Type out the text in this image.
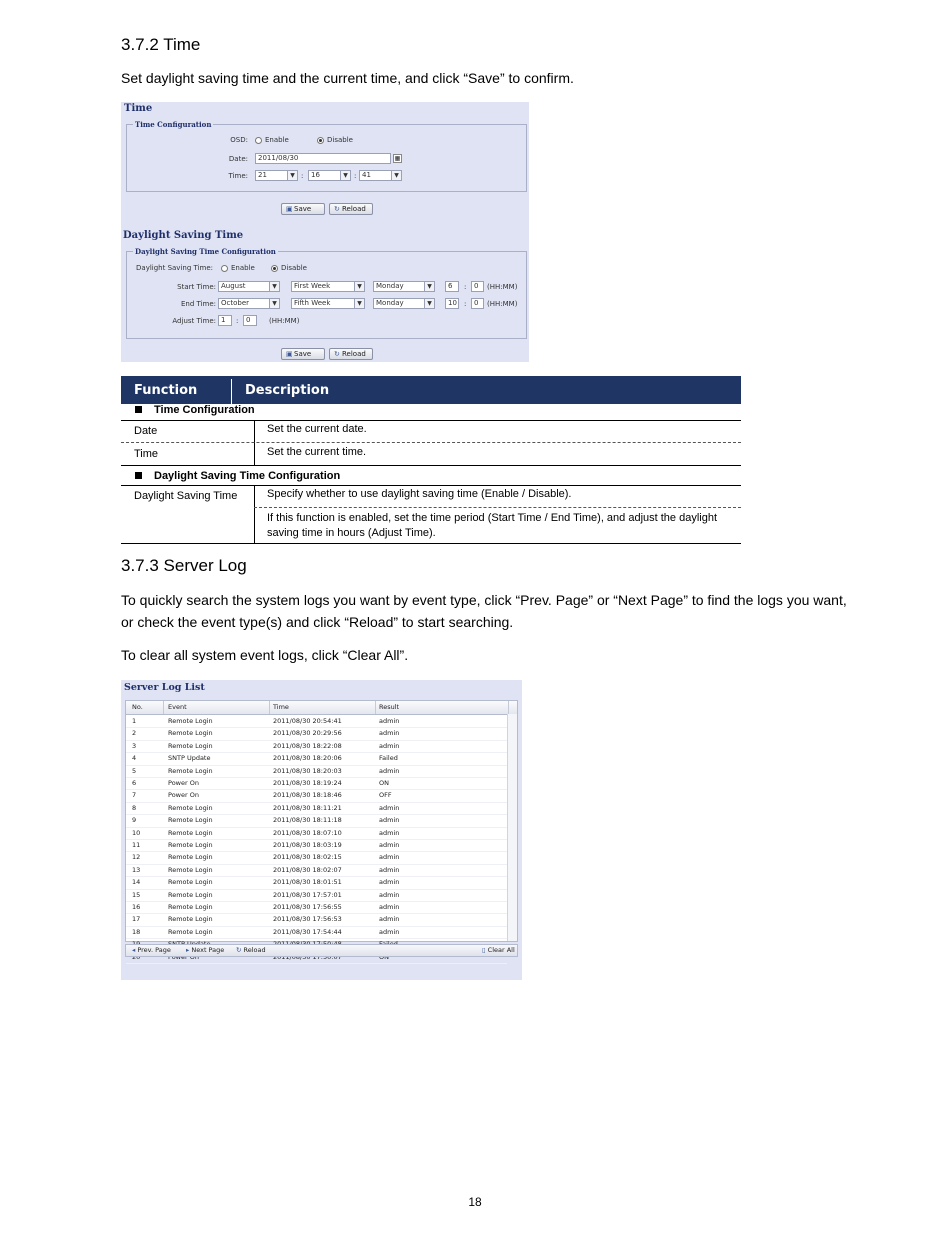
3.7.2 Time

Set daylight saving time and the current time, and click “Save” to confirm.

Time
Time Configuration
OSD: Enable	Disable
Date:	2011/08/30	▦
Time:	21	▼ :	16	▼ : 41	▼
▣Save	↻ Reload
Daylight Saving Time
Daylight Saving Time Configuration
Daylight Saving Time:	Enable	Disable
Start Time: August	▼	First Week	▼	Monday	▼	6	:	0	(HH:MM)
End Time: October	▼	Fifth Week	▼	Monday	▼	10 :	0	(HH:MM)
Adjust Time: 1	:	0	(HH:MM)
▣Save	↻ Reload
Function	Description
Time Configuration
Date	Set the current date.
Time	Set the current time.
Daylight Saving Time Configuration
Daylight Saving Time	Specify whether to use daylight saving time (Enable / Disable).
If this function is enabled, set the time period (Start Time / End Time), and adjust the daylight saving time in hours (Adjust Time).
3.7.3 Server Log

To quickly search the system logs you want by event type, click “Prev. Page” or “Next Page” to find the logs you want, or check the event type(s) and click “Reload” to start searching.

To clear all system event logs, click “Clear All”.

Server Log List
No.	Event	Time	Result
1	Remote Login	2011/08/30 20:54:41	admin
2	Remote Login	2011/08/30 20:29:56	admin
3	Remote Login	2011/08/30 18:22:08	admin
4	SNTP Update	2011/08/30 18:20:06	Failed
5	Remote Login	2011/08/30 18:20:03	admin
6	Power On	2011/08/30 18:19:24	ON
7	Power On	2011/08/30 18:18:46	OFF
8	Remote Login	2011/08/30 18:11:21	admin
9	Remote Login	2011/08/30 18:11:18	admin
10	Remote Login	2011/08/30 18:07:10	admin
11	Remote Login	2011/08/30 18:03:19	admin
12	Remote Login	2011/08/30 18:02:15	admin
13	Remote Login	2011/08/30 18:02:07	admin
14	Remote Login	2011/08/30 18:01:51	admin
15	Remote Login	2011/08/30 17:57:01	admin
16	Remote Login	2011/08/30 17:56:55	admin
17	Remote Login	2011/08/30 17:56:53	admin
18	Remote Login	2011/08/30 17:54:44	admin
◂ Prev. Page ▸ Next Page ↻ Reload	▯ Clear All
18
